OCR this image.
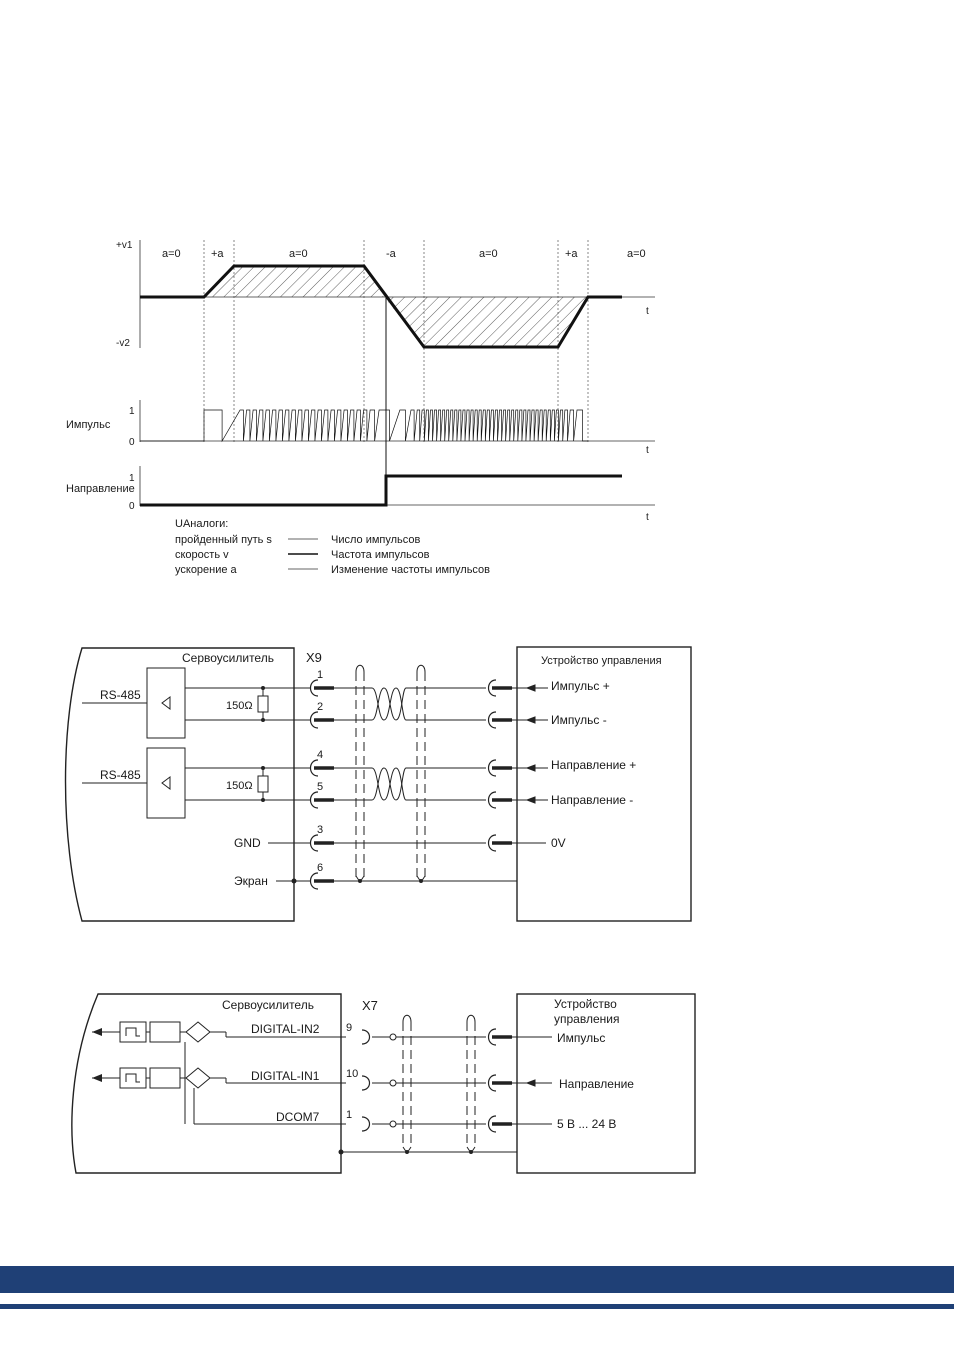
a=0	+a	a=0	-a	a=0	+a	a=0
+v1
-v2
t
Импульс
1
0
t
Направление
1
0
t
UАналоги:
пройденный путь s
скорость v
ускорение a
Число импульсов
Частота импульсов
Изменение частоты импульсов
Сервоусилитель X9	Устройство управления
RS-485
RS-485
150Ω
150Ω
GND
Экран
1
2
4
5
3
6
Импульс +
Импульс -
Направление +
Направление -
0V
Сервоусилитель	X7	Устройство
управления
DIGITAL-IN2
DIGITAL-IN1
DCOM7
9
10
1
Импульс
Направление
5 В ... 24 В
